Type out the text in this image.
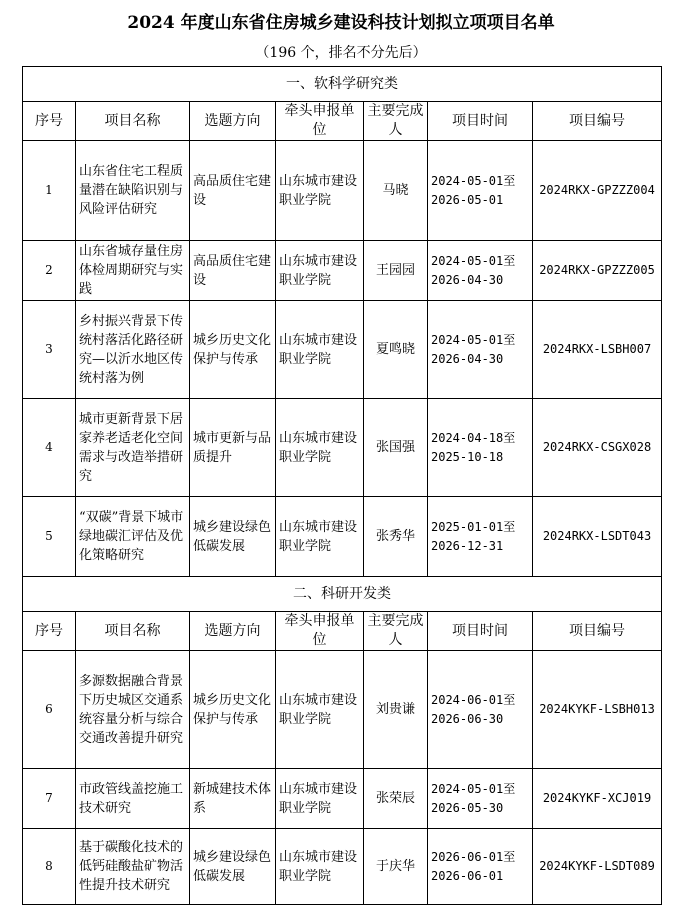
2024 年度山东省住房城乡建设科技计划拟立项项目名单
（196 个，排名不分先后）
一、软科学研究类						
序号	项目名称	选题方向	牵头申报单位	主要完成人	项目时间	项目编号
1	山东省住宅工程质量潜在缺陷识别与风险评估研究	高品质住宅建设	山东城市建设职业学院	马晓	2024-05-01至2026-05-01	2024RKX-GPZZZ004
2	山东省城存量住房体检周期研究与实践	高品质住宅建设	山东城市建设职业学院	王园园	2024-05-01至2026-04-30	2024RKX-GPZZZ005
3	乡村振兴背景下传统村落活化路径研究—以沂水地区传统村落为例	城乡历史文化保护与传承	山东城市建设职业学院	夏鸣晓	2024-05-01至2026-04-30	2024RKX-LSBH007
4	城市更新背景下居家养老适老化空间需求与改造举措研究	城市更新与品质提升	山东城市建设职业学院	张国强	2024-04-18至2025-10-18	2024RKX-CSGX028
5	“双碳”背景下城市绿地碳汇评估及优化策略研究	城乡建设绿色低碳发展	山东城市建设职业学院	张秀华	2025-01-01至2026-12-31	2024RKX-LSDT043
二、科研开发类						
序号	项目名称	选题方向	牵头申报单位	主要完成人	项目时间	项目编号
6	多源数据融合背景下历史城区交通系统容量分析与综合交通改善提升研究	城乡历史文化保护与传承	山东城市建设职业学院	刘贵谦	2024-06-01至2026-06-30	2024KYKF-LSBH013
7	市政管线盖挖施工技术研究	新城建技术体系	山东城市建设职业学院	张荣辰	2024-05-01至2026-05-30	2024KYKF-XCJ019
8	基于碳酸化技术的低钙硅酸盐矿物活性提升技术研究	城乡建设绿色低碳发展	山东城市建设职业学院	于庆华	2026-06-01至2026-06-01	2024KYKF-LSDT089
